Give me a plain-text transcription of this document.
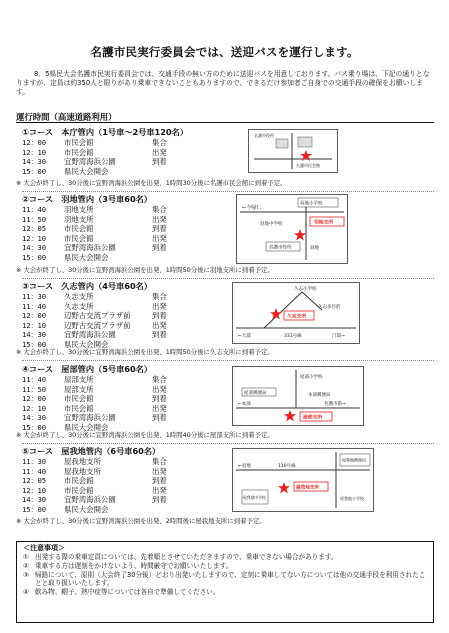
名護市民実行委員会では、送迎バスを運行します。
8．5県民大会名護市民実行委員会では、交通手段の無い方のために送迎バスを用意しております。バス乗り場は、下記の通りとなりますが、定員は約350人と限りがあり乗車できないこともありますので、できるだけ参加者ご自身での交通手段の確保をお願いします。
運行時間（高速道路利用）
①コース　本庁管内（1号車～2号車120名）
12：00	市民会館	集合
12：10	市民会館	出発
14：30	宜野湾海浜公園	到着
15：00	県民大会開会
名護市民会館
名護市役所
※ 大会が終了し、30分後に宜野湾海浜公園を出発、1時間30分後に名護市民会館に到着予定。
②コース　羽地管内（3号車60名）
11：40	羽地支所	集合
11：50	羽地支所	出発
12：05	市民会館	到着
12：10	市民会館	出発
14：30	宜野湾海浜公園	到着
15：00	県民大会開会
←今帰仁
羽地小学校
羽地中学校	羽地支所
名護市役所	羽地
※ 大会が終了し、30分後に宜野湾海浜公園を出発、1時間50分後に羽地支所に到着予定。
③コース　久志管内（4号車60名）
11：30	久志支所	集合
11：40	久志支所	出発
12：00	辺野古交流プラザ前	到着
12：10	辺野古交流プラザ前	出発
14：30	宜野湾海浜公園	到着
15：00	県民大会開会
久志小学校
久志多目的
久志支所
←大浦	331号線	汀間→
※ 大会が終了し、30分後に宜野湾海浜公園を出発、1時間50分後に久志支所に到着予定。
④コース　屋部管内（5号車60名）
11：40	屋部支所	集合
11：50	屋部支所	出発
12：00	市民会館	到着
12：10	市民会館	出発
14：30	宜野湾海浜公園	到着
15：00	県民大会開会
屋部小学校
屋部郵便局	本部郵便局
←本部	名護市街→
屋部支所
※ 大会が終了し、30分後に宜野湾海浜公園を出発、1時間40分後に屋部支所に到着予定。
⑤コース　屋我地管内（6号車60名）
11：30	屋我地支所	集合
11：40	屋我地支所	出発
12：05	市民会館	到着
12：10	市民会館	出発
14：30	宜野湾海浜公園	到着
15：00	県民大会開会
←羽地	110号線
屋我地郵便局
屋我地支所
屋我地中学校	屋我地小学校
※ 大会が終了し、30分後に宜野湾海浜公園を出発、2時間後に屋我地支所に到着予定。
＜注意事項＞
① 出発する際の乗車定員については、先着順とさせていただきますので、乗車できない場合があります。
② 乗車する方は遅刻をかけないよう、時間厳守でお願いいたします。
③ 帰路について、原則（大会終了30分後）どおり出発いたしますので、定刻に乗車してない方については他の交通手段を利用されたことと取り扱いいたします。
④ 飲み物、帽子、熱中症等については各自で準備してください。
